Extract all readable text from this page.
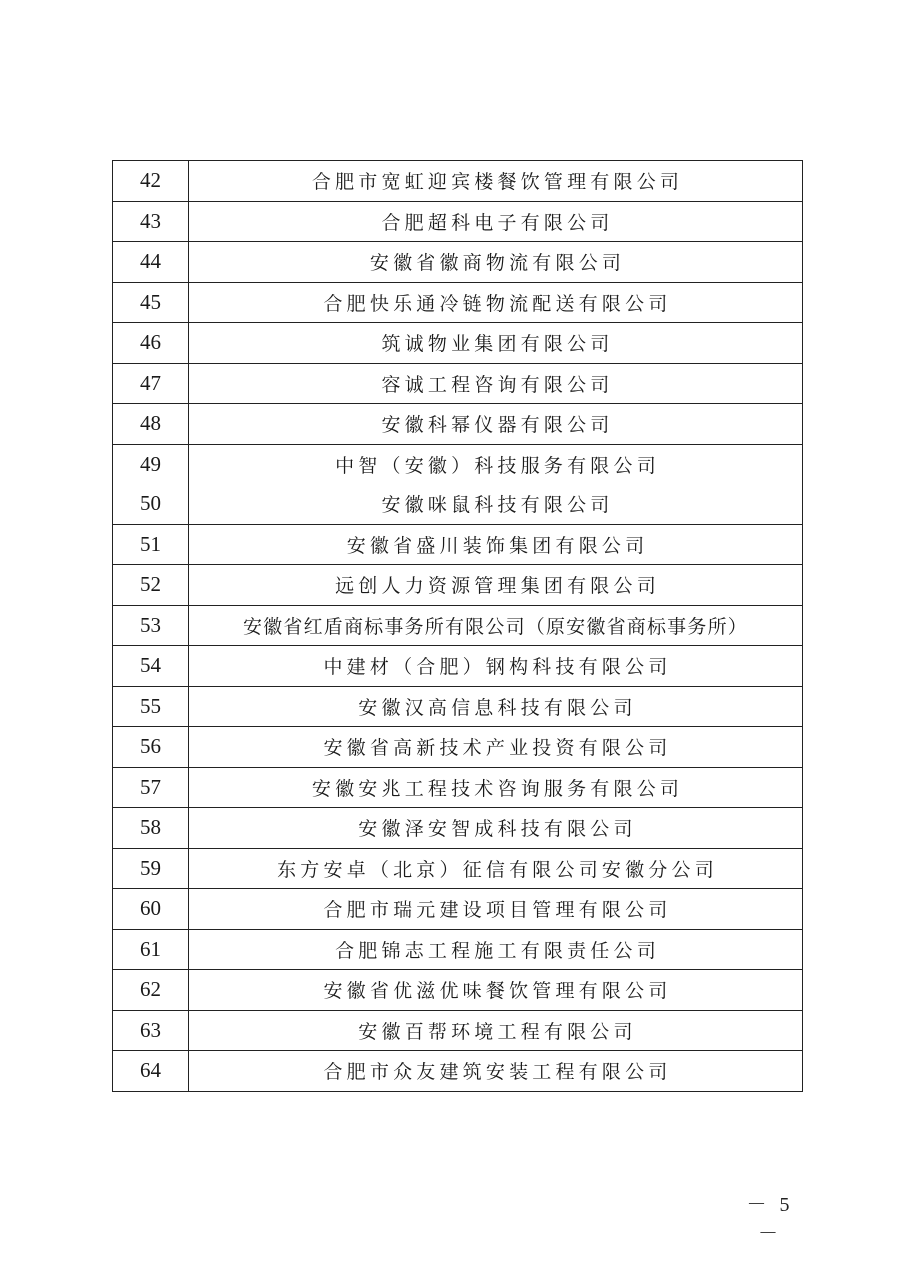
42	合肥市宽虹迎宾楼餐饮管理有限公司
43	合肥超科电子有限公司
44	安徽省徽商物流有限公司
45	合肥快乐通冷链物流配送有限公司
46	筑诚物业集团有限公司
47	容诚工程咨询有限公司
48	安徽科幂仪器有限公司
49	中智（安徽）科技服务有限公司
50	安徽咪鼠科技有限公司
51	安徽省盛川装饰集团有限公司
52	远创人力资源管理集团有限公司
53	安徽省红盾商标事务所有限公司（原安徽省商标事务所）
54	中建材（合肥）钢构科技有限公司
55	安徽汉高信息科技有限公司
56	安徽省高新技术产业投资有限公司
57	安徽安兆工程技术咨询服务有限公司
58	安徽泽安智成科技有限公司
59	东方安卓（北京）征信有限公司安徽分公司
60	合肥市瑞元建设项目管理有限公司
61	合肥锦志工程施工有限责任公司
62	安徽省优滋优味餐饮管理有限公司
63	安徽百帮环境工程有限公司
64	合肥市众友建筑安装工程有限公司
－ 5 －
